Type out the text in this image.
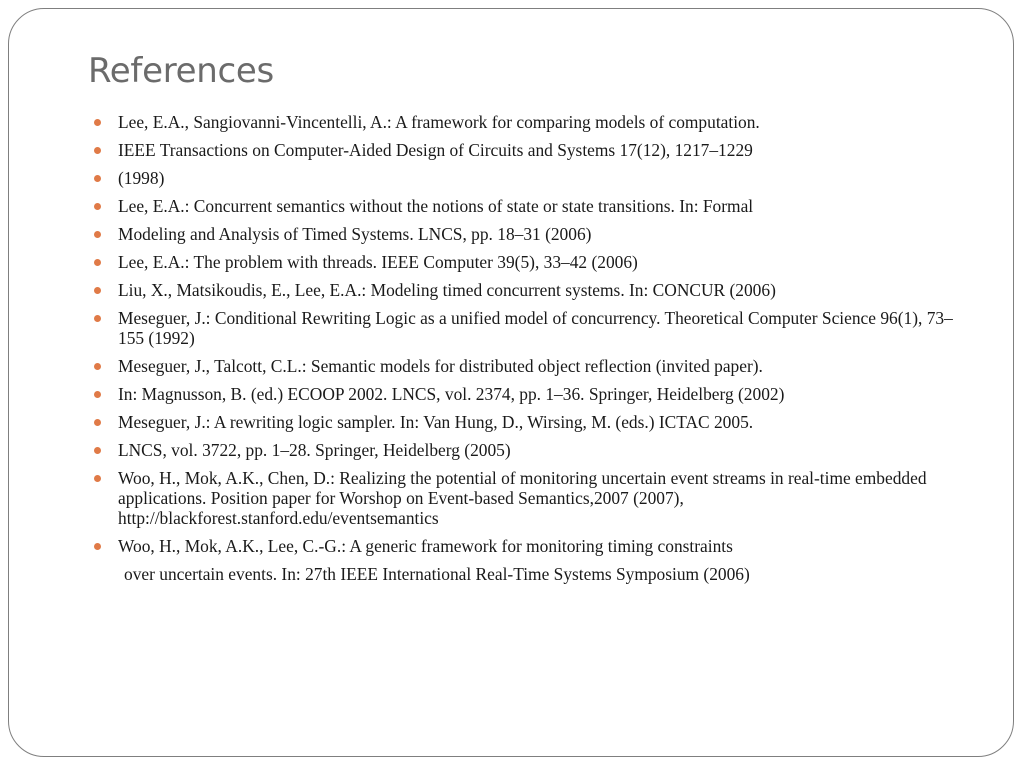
References
Lee, E.A., Sangiovanni-Vincentelli, A.: A framework for comparing models of computation.
IEEE Transactions on Computer-Aided Design of Circuits and Systems 17(12), 1217–1229
(1998)
Lee, E.A.: Concurrent semantics without the notions of state or state transitions. In: Formal
Modeling and Analysis of Timed Systems. LNCS, pp. 18–31 (2006)
Lee, E.A.: The problem with threads. IEEE Computer 39(5), 33–42 (2006)
Liu, X., Matsikoudis, E., Lee, E.A.: Modeling timed concurrent systems. In: CONCUR (2006)
Meseguer, J.: Conditional Rewriting Logic as a unified model of concurrency. Theoretical Computer Science 96(1), 73–155 (1992)
Meseguer, J., Talcott, C.L.: Semantic models for distributed object reflection (invited paper).
In: Magnusson, B. (ed.) ECOOP 2002. LNCS, vol. 2374, pp. 1–36. Springer, Heidelberg (2002)
Meseguer, J.: A rewriting logic sampler. In: Van Hung, D., Wirsing, M. (eds.) ICTAC 2005.
LNCS, vol. 3722, pp. 1–28. Springer, Heidelberg (2005)
Woo, H., Mok, A.K., Chen, D.: Realizing the potential of monitoring uncertain event streams in real-time embedded applications. Position paper for Worshop on Event-based Semantics,2007 (2007), http://blackforest.stanford.edu/eventsemantics
Woo, H., Mok, A.K., Lee, C.-G.: A generic framework for monitoring timing constraints
over uncertain events. In: 27th IEEE International Real-Time Systems Symposium (2006)
